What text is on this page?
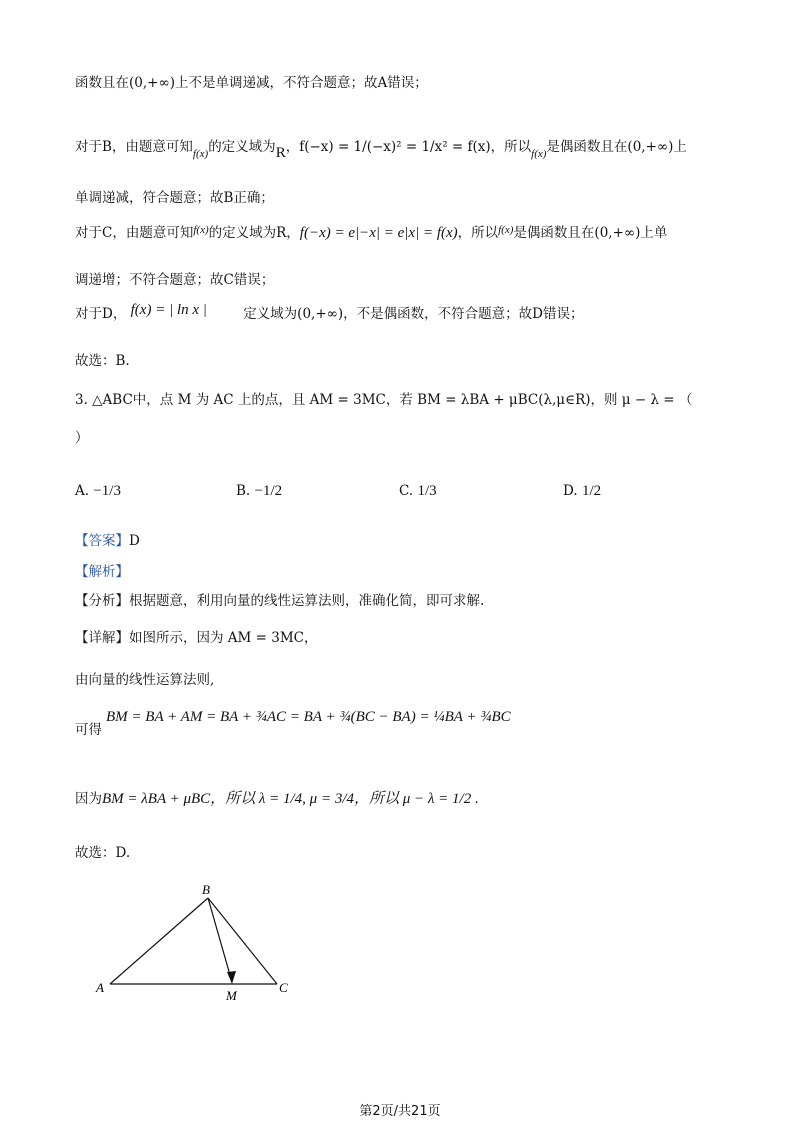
函数且在(0,+∞)上不是单调递减，不符合题意；故A错误；
对于B，由题意可知$_{f(x)}$的定义域为R，f(−x) = 1/(−x)² = 1/x² = f(x)，所以$_{f(x)}$是偶函数且在(0,+∞)上
单调递减，符合题意；故B正确；
对于C，由题意可知$^{f(x)}$的定义域为R，f(−x) = e|−x| = e|x| = f(x)，所以$^{f(x)}$是偶函数且在(0,+∞)上单
调递增；不符合题意；故C错误；
对于D， f(x) = | ln x |	定义域为(0,+∞)，不是偶函数，不符合题意；故D错误；
故选：B.
3. △ABC中，点 M 为 AC 上的点，且 AM = 3MC，若 BM = λBA + μBC(λ,μ∈R)，则 μ − λ = （
）
A. −1/3	B. −1/2	C. 1/3	D. 1/2
【答案】D
【解析】
【分析】根据题意，利用向量的线性运算法则，准确化简，即可求解.
【详解】如图所示，因为 AM = 3MC，
由向量的线性运算法则,
可得
BM = BA + AM = BA + ¾AC = BA + ¾(BC − BA) = ¼BA + ¾BC
因为BM = λBA + μBC，所以 λ = 1/4, μ = 3/4，所以 μ − λ = 1/2 .
故选：D.
B
A
M
C
第2页/共21页
